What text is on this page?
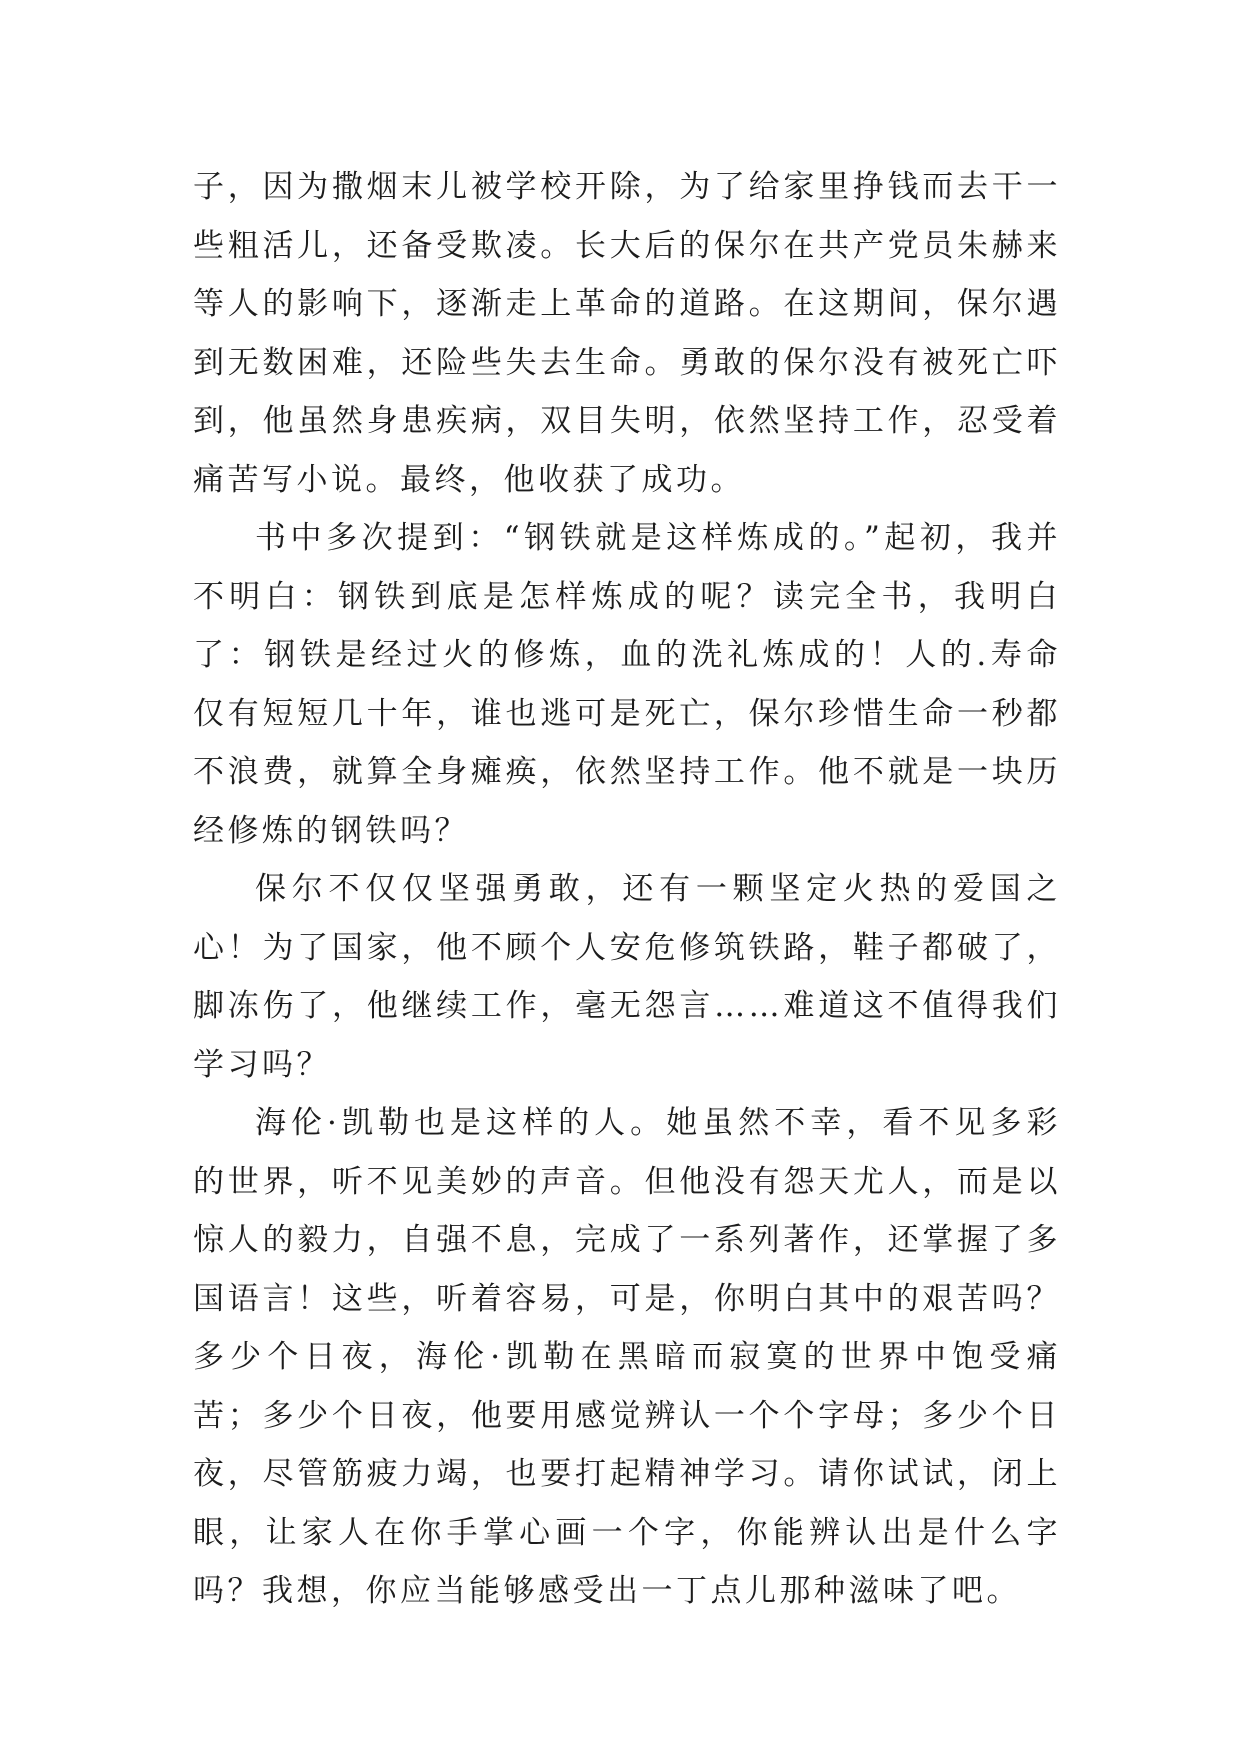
子，因为撒烟末儿被学校开除，为了给家里挣钱而去干一些粗活儿，还备受欺凌。长大后的保尔在共产党员朱赫来等人的影响下，逐渐走上革命的道路。在这期间，保尔遇到无数困难，还险些失去生命。勇敢的保尔没有被死亡吓到，他虽然身患疾病，双目失明，依然坚持工作，忍受着痛苦写小说。最终，他收获了成功。

书中多次提到：“钢铁就是这样炼成的。”起初，我并不明白：钢铁到底是怎样炼成的呢？读完全书，我明白了：钢铁是经过火的修炼，血的洗礼炼成的！人的.寿命仅有短短几十年，谁也逃可是死亡，保尔珍惜生命一秒都不浪费，就算全身瘫痪，依然坚持工作。他不就是一块历经修炼的钢铁吗？

保尔不仅仅坚强勇敢，还有一颗坚定火热的爱国之心！为了国家，他不顾个人安危修筑铁路，鞋子都破了，脚冻伤了，他继续工作，毫无怨言……难道这不值得我们学习吗？

海伦·凯勒也是这样的人。她虽然不幸，看不见多彩的世界，听不见美妙的声音。但他没有怨天尤人，而是以惊人的毅力，自强不息，完成了一系列著作，还掌握了多国语言！这些，听着容易，可是，你明白其中的艰苦吗？多少个日夜，海伦·凯勒在黑暗而寂寞的世界中饱受痛苦；多少个日夜，他要用感觉辨认一个个字母；多少个日夜，尽管筋疲力竭，也要打起精神学习。请你试试，闭上眼，让家人在你手掌心画一个字，你能辨认出是什么字吗？我想，你应当能够感受出一丁点儿那种滋味了吧。
